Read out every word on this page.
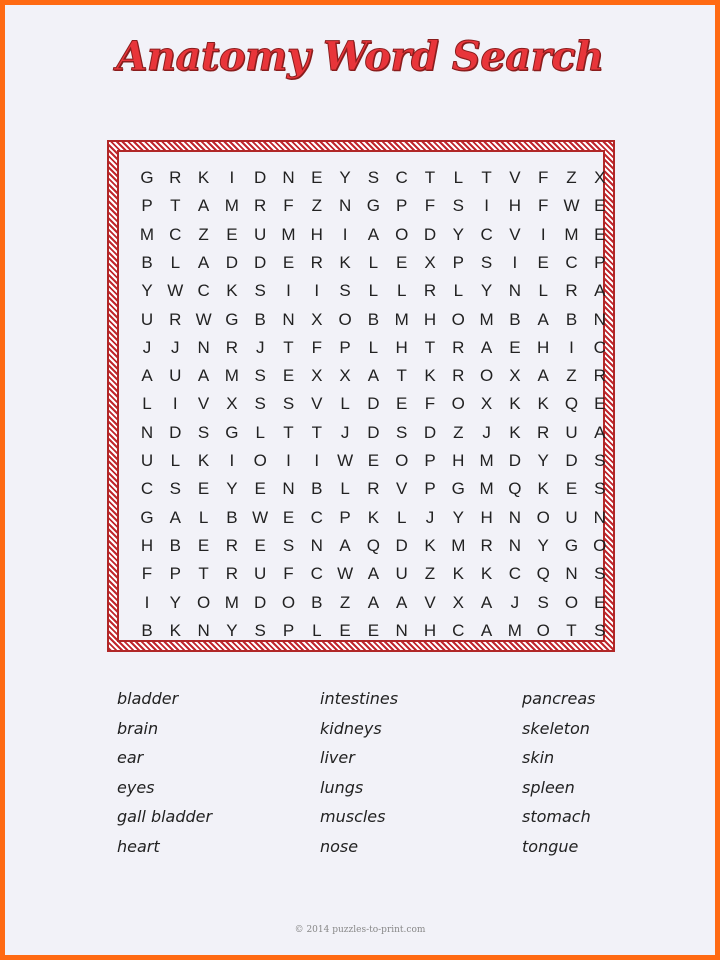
Anatomy Word Search
G R K	I	D N E Y S C T	L	T	V	F	Z	X
P	T	A M R F	Z N G P	F	S	I	H F W E
M C Z	E U M H	I	A O D Y C V	I	M E
B	L	A D D E R K	L	E X P S	I	E C P
Y W C K S	I	I	S	L	L	R	L	Y N	L	R A
U R W G B N X O B M H O M B A B N
J	J	N R	J	T	F	P	L	H T R A E H	I	C
A U A M S E X X A	T	K R O X A	Z R
L	I	V X S S V	L	D E	F O X K K Q E
N D S G L	T	T	J	D S D Z	J	K R U A
U	L	K	I	O	I	I	W E O P H M D Y D S
C S E Y E N B	L	R V P G M Q K E S
G A	L	B W E C P K	L	J	Y H N O U N
H B E R E S N A Q D K M R N Y G O
F	P	T R U F C W A U Z	K K C Q N S
I	Y O M D O B	Z	A A V X A	J	S O E
B K N Y S P	L	E E N H C A M O T	S
bladder
brain
ear
eyes
gall bladder
heart
intestines
kidneys
liver
lungs
muscles
nose
pancreas
skeleton
skin
spleen
stomach
tongue
© 2014 puzzles-to-print.com
